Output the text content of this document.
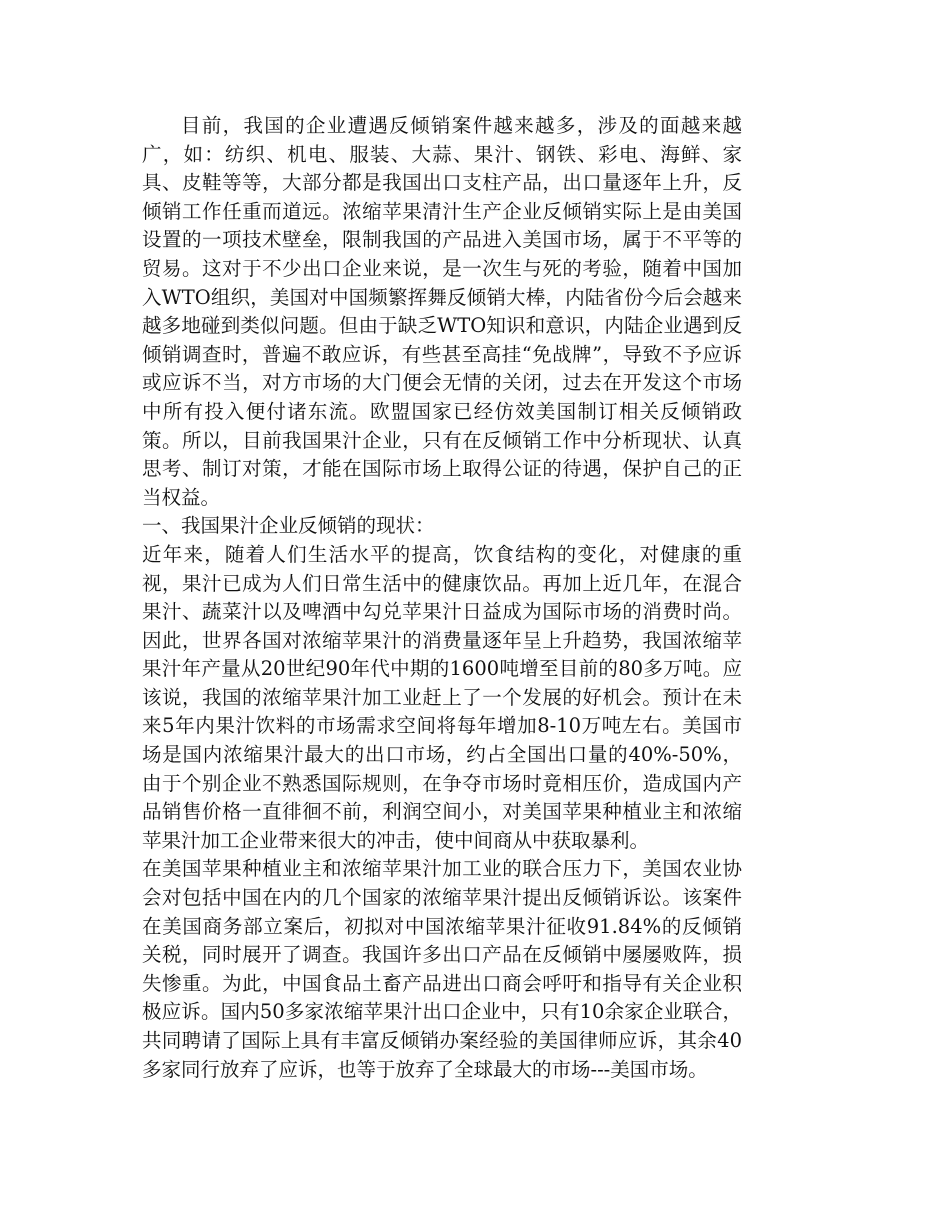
目前，我国的企业遭遇反倾销案件越来越多，涉及的面越来越广，如：纺织、机电、服装、大蒜、果汁、钢铁、彩电、海鲜、家具、皮鞋等等，大部分都是我国出口支柱产品，出口量逐年上升，反倾销工作任重而道远。浓缩苹果清汁生产企业反倾销实际上是由美国设置的一项技术壁垒，限制我国的产品进入美国市场，属于不平等的贸易。这对于不少出口企业来说，是一次生与死的考验，随着中国加入WTO组织，美国对中国频繁挥舞反倾销大棒，内陆省份今后会越来越多地碰到类似问题。但由于缺乏WTO知识和意识，内陆企业遇到反倾销调查时，普遍不敢应诉，有些甚至高挂“免战牌”，导致不予应诉或应诉不当，对方市场的大门便会无情的关闭，过去在开发这个市场中所有投入便付诸东流。欧盟国家已经仿效美国制订相关反倾销政策。所以，目前我国果汁企业，只有在反倾销工作中分析现状、认真思考、制订对策，才能在国际市场上取得公证的待遇，保护自己的正当权益。

一、我国果汁企业反倾销的现状：

近年来，随着人们生活水平的提高，饮食结构的变化，对健康的重视，果汁已成为人们日常生活中的健康饮品。再加上近几年，在混合果汁、蔬菜汁以及啤酒中勾兑苹果汁日益成为国际市场的消费时尚。因此，世界各国对浓缩苹果汁的消费量逐年呈上升趋势，我国浓缩苹果汁年产量从20世纪90年代中期的1600吨增至目前的80多万吨。应该说，我国的浓缩苹果汁加工业赶上了一个发展的好机会。预计在未来5年内果汁饮料的市场需求空间将每年增加8-10万吨左右。美国市场是国内浓缩果汁最大的出口市场，约占全国出口量的40%-50%，由于个别企业不熟悉国际规则，在争夺市场时竟相压价，造成国内产品销售价格一直徘徊不前，利润空间小，对美国苹果种植业主和浓缩苹果汁加工企业带来很大的冲击，使中间商从中获取暴利。

在美国苹果种植业主和浓缩苹果汁加工业的联合压力下，美国农业协会对包括中国在内的几个国家的浓缩苹果汁提出反倾销诉讼。该案件在美国商务部立案后，初拟对中国浓缩苹果汁征收91.84%的反倾销关税，同时展开了调查。我国许多出口产品在反倾销中屡屡败阵，损失惨重。为此，中国食品土畜产品进出口商会呼吁和指导有关企业积极应诉。国内50多家浓缩苹果汁出口企业中，只有10余家企业联合，共同聘请了国际上具有丰富反倾销办案经验的美国律师应诉，其余40多家同行放弃了应诉，也等于放弃了全球最大的市场---美国市场。
